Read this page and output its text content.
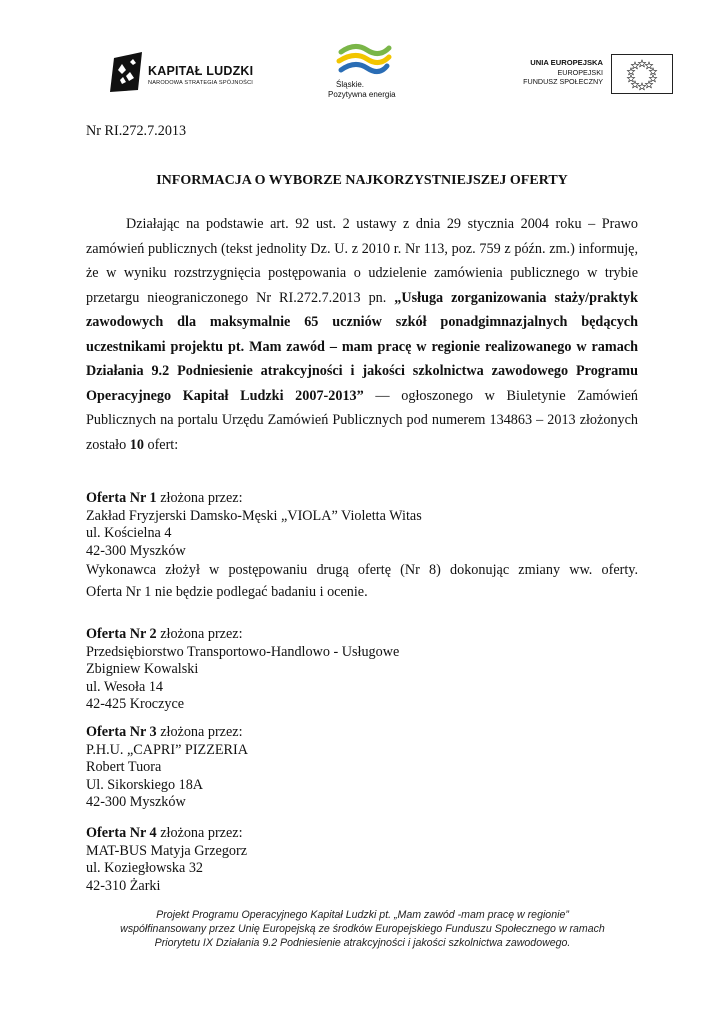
KAPITAŁ LUDZKI
NARODOWA STRATEGIA SPÓJNOŚCI	Śląskie.
Pozytywna energia
UNIA EUROPEJSKA
EUROPEJSKI
FUNDUSZ SPOŁECZNY
Nr RI.272.7.2013
INFORMACJA O WYBORZE NAJKORZYSTNIEJSZEJ OFERTY

Działając na podstawie art. 92 ust. 2 ustawy z dnia 29 stycznia 2004 roku – Prawo zamówień publicznych (tekst jednolity Dz. U. z 2010 r. Nr 113, poz. 759 z późn. zm.) informuję, że w wyniku rozstrzygnięcia postępowania o udzielenie zamówienia publicznego w trybie przetargu nieograniczonego Nr RI.272.7.2013 pn. „Usługa zorganizowania staży/praktyk zawodowych dla maksymalnie 65 uczniów szkół ponadgimnazjalnych będących uczestnikami projektu pt. Mam zawód – mam pracę w regionie realizowanego w ramach Działania 9.2 Podniesienie atrakcyjności i jakości szkolnictwa zawodowego Programu Operacyjnego Kapitał Ludzki 2007-2013” — ogłoszonego w Biuletynie Zamówień Publicznych na portalu Urzędu Zamówień Publicznych pod numerem 134863 – 2013 złożonych zostało 10 ofert:

Oferta Nr 1 złożona przez:
Zakład Fryzjerski Damsko-Męski „VIOLA” Violetta Witas
ul. Kościelna 4
42-300 Myszków
Wykonawca złożył w postępowaniu drugą ofertę (Nr 8) dokonując zmiany ww. oferty.
Oferta Nr 1 nie będzie podlegać badaniu i ocenie.
Oferta Nr 2 złożona przez:
Przedsiębiorstwo Transportowo-Handlowo - Usługowe
Zbigniew Kowalski
ul. Wesoła 14
42-425 Kroczyce
Oferta Nr 3 złożona przez:
P.H.U. „CAPRI” PIZZERIA
Robert Tuora
Ul. Sikorskiego 18A
42-300 Myszków
Oferta Nr 4 złożona przez:
MAT-BUS Matyja Grzegorz
ul. Koziegłowska 32
42-310 Żarki
Projekt Programu Operacyjnego Kapitał Ludzki pt. „Mam zawód -mam pracę w regionie”
współfinansowany przez Unię Europejską ze środków Europejskiego Funduszu Społecznego w ramach
Priorytetu IX Działania 9.2 Podniesienie atrakcyjności i jakości szkolnictwa zawodowego.
